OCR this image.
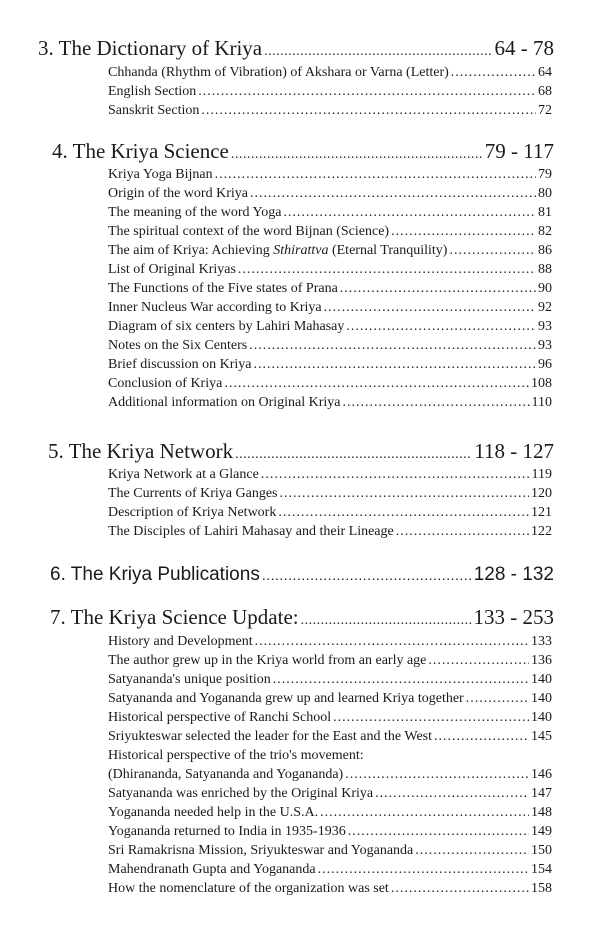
3. The Dictionary of Kriya .....	64 - 78
Chhanda (Rhythm of Vibration) of Akshara or Varna (Letter) .....	64
English Section .....	68
Sanskrit Section .....	72
4. The Kriya Science .....	79 - 117
Kriya Yoga Bijnan .....	79
Origin of the word Kriya .....	80
The meaning of the word Yoga .....	81
The spiritual context of the word Bijnan (Science) .....	82
The aim of Kriya: Achieving Sthirattva (Eternal Tranquility) .....	86
List of Original Kriyas .....	88
The Functions of the Five states of Prana .....	90
Inner Nucleus War according to Kriya .....	92
Diagram of six centers by Lahiri Mahasay .....	93
Notes on the Six Centers .....	93
Brief discussion on Kriya .....	96
Conclusion of Kriya .....	108
Additional information on Original Kriya .....	110
5. The Kriya Network .....	118 - 127
Kriya Network at a Glance .....	119
The Currents of Kriya Ganges .....	120
Description of Kriya Network .....	121
The Disciples of Lahiri Mahasay and their Lineage .....	122
6. The Kriya Publications .....	128 - 132
7. The Kriya Science Update: .....	133 - 253
History and Development .....	133
The author grew up in the Kriya world from an early age .....	136
Satyananda's unique position .....	140
Satyananda and Yogananda grew up and learned Kriya together .....	140
Historical perspective of Ranchi School .....	140
Sriyukteswar selected the leader for the East and the West .....	145
Historical perspective of the trio's movement:
(Dhirananda, Satyananda and Yogananda) .....	146
Satyananda was enriched by the Original Kriya .....	147
Yogananda needed help in the U.S.A. .....	148
Yogananda returned to India in 1935-1936 .....	149
Sri Ramakrisna Mission, Sriyukteswar and Yogananda .....	150
Mahendranath Gupta and Yogananda .....	154
How the nomenclature of the organization was set .....	158
